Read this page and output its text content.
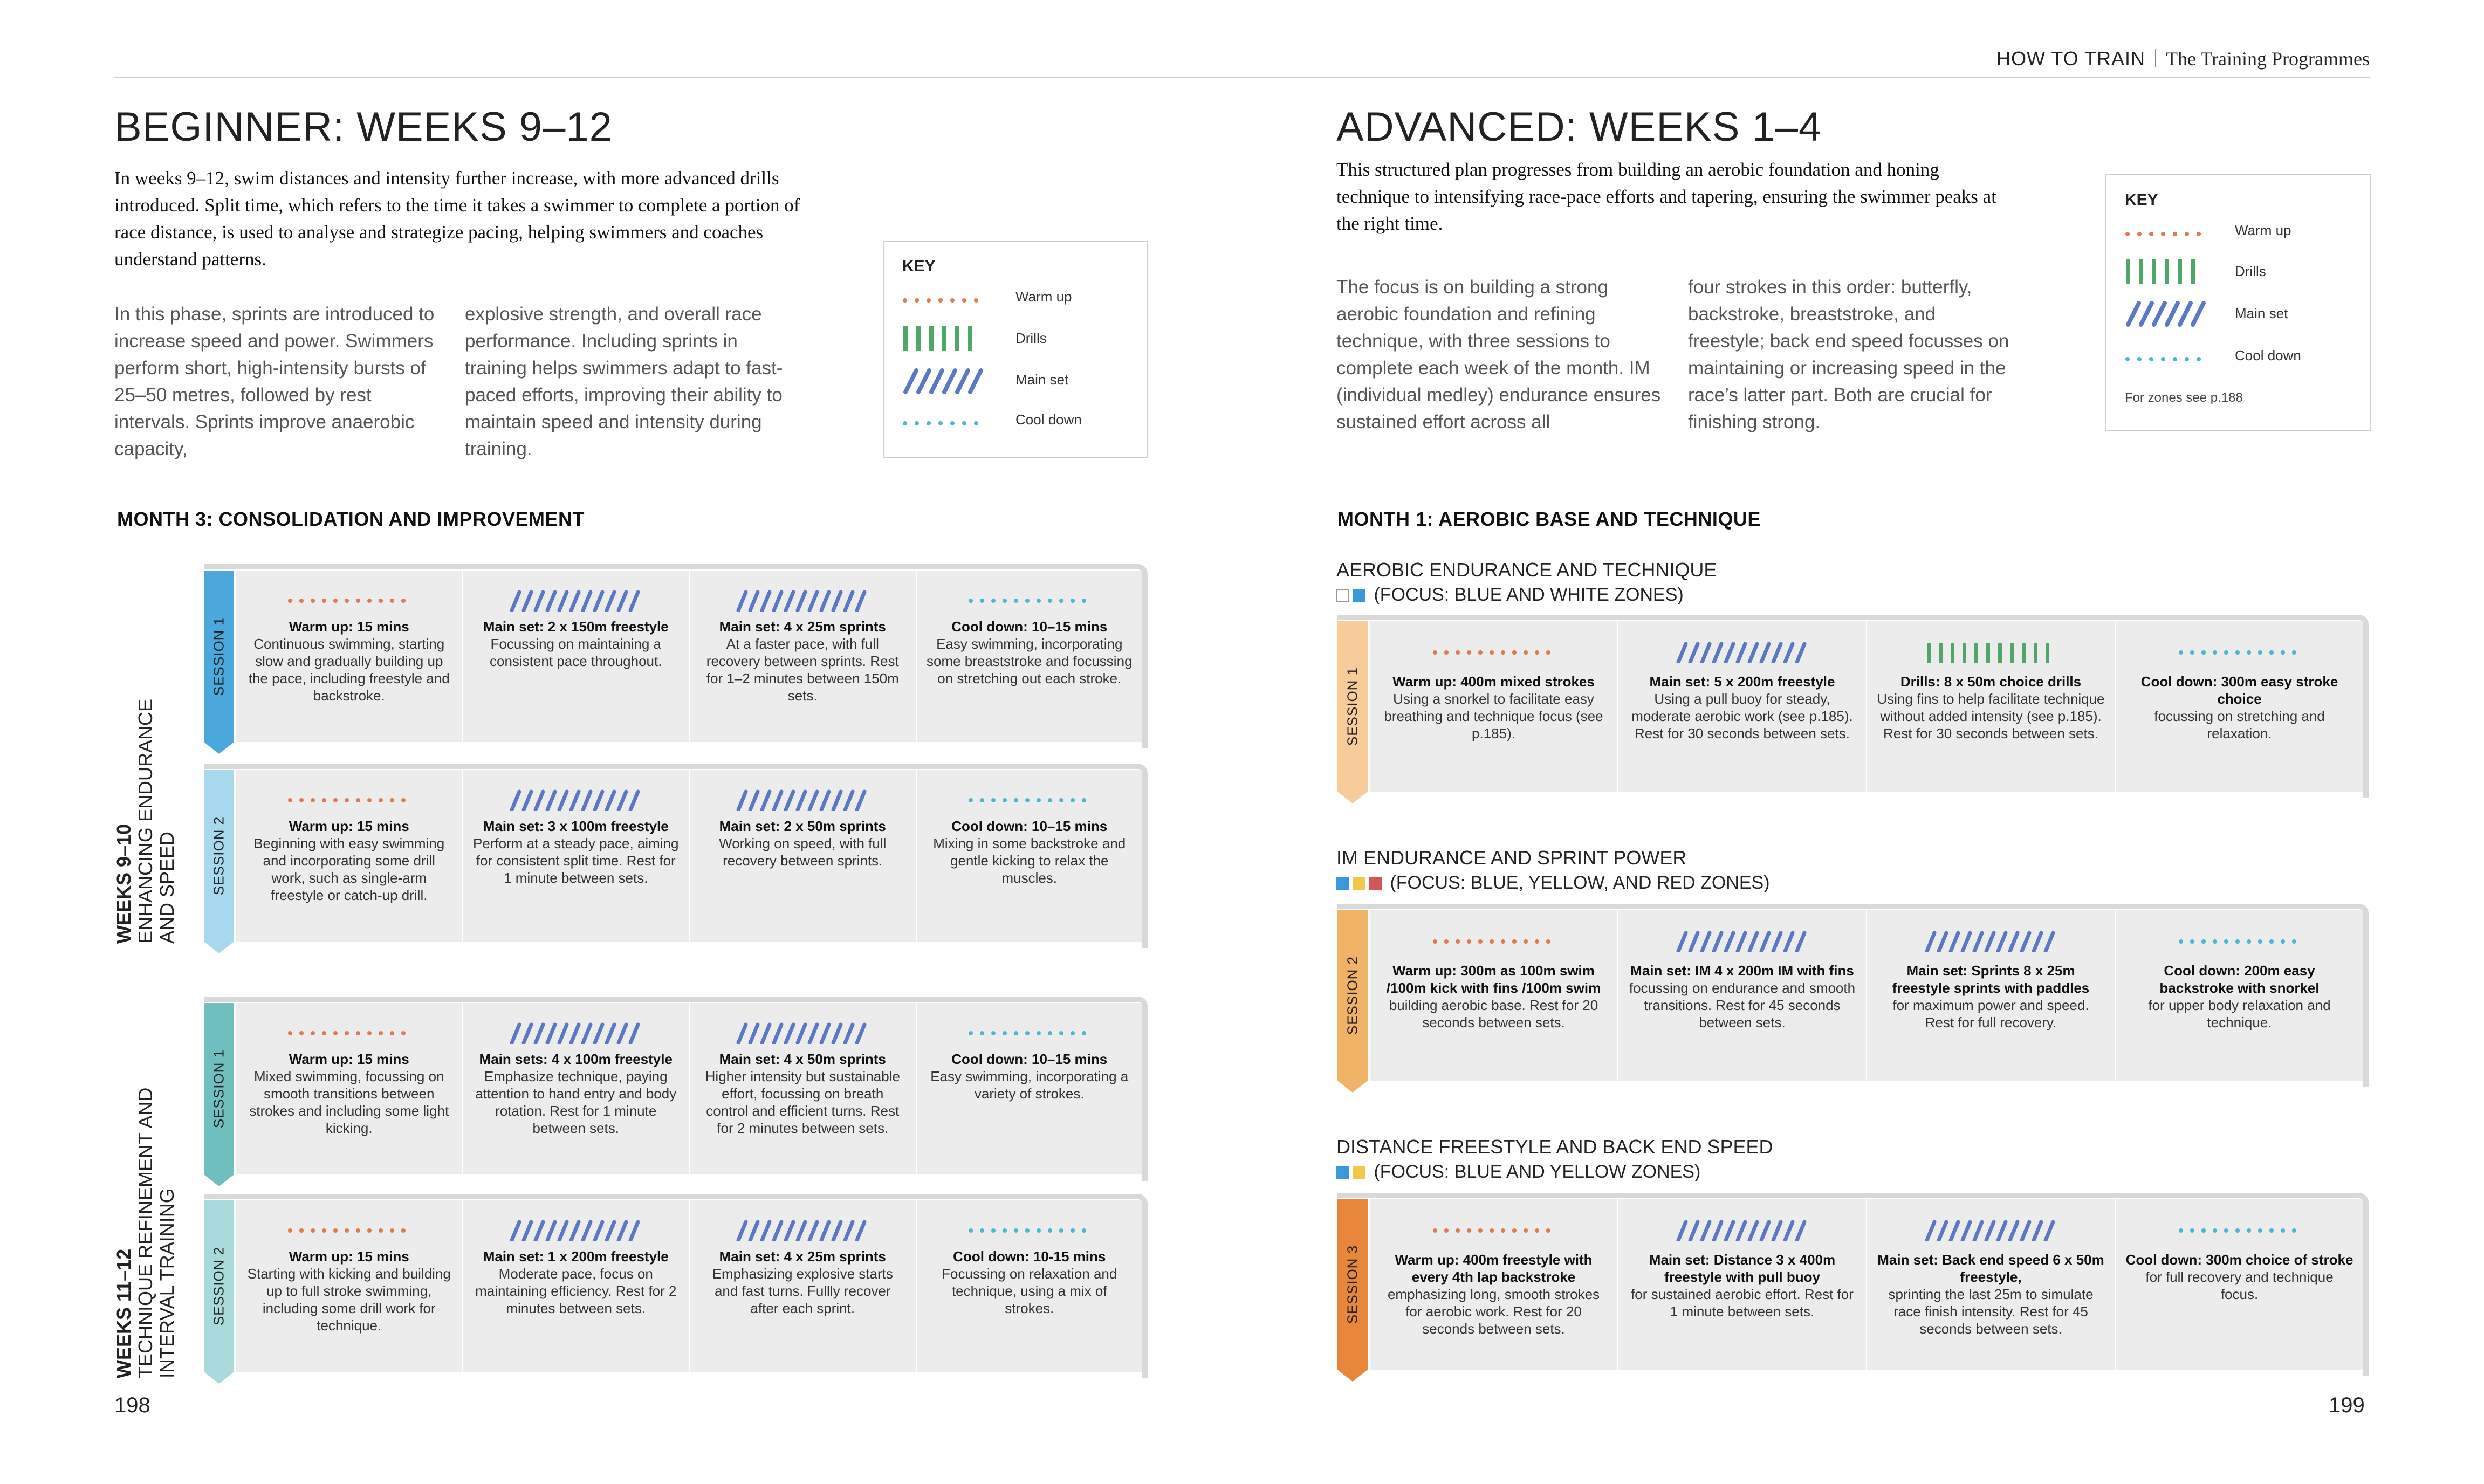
HOW TO TRAIN The Training Programmes
BEGINNER: WEEKS 9–12
In weeks 9–12, swim distances and intensity further increase, with more advanced drills introduced. Split time, which refers to the time it takes a swimmer to complete a portion of race distance, is used to analyse and strategize pacing, helping swimmers and coaches understand patterns.
In this phase, sprints are introduced to increase speed and power. Swimmers perform short, high-intensity bursts of 25–50 metres, followed by rest intervals. Sprints improve anaerobic capacity,
explosive strength, and overall race performance. Including sprints in training helps swimmers adapt to fast-paced efforts, improving their ability to maintain speed and intensity during training.
KEY
Warm up
Drills
Main set
Cool down
MONTH 3: CONSOLIDATION AND IMPROVEMENT
WEEKS 9–10
ENHANCING ENDURANCE
AND SPEED
WEEKS 11–12
TECHNIQUE REFINEMENT AND
INTERVAL TRAINING
SESSION 1	Warm up: 15 mins
Continuous swimming, starting slow and gradually building up the pace, including freestyle and backstroke.
Main set: 2 x 150m freestyle
Focussing on maintaining a consistent pace throughout.
Main set: 4 x 25m sprints
At a faster pace, with full recovery between sprints. Rest for 1–2 minutes between 150m sets.
Cool down: 10–15 mins
Easy swimming, incorporating some breaststroke and focussing on stretching out each stroke.
SESSION 2	Warm up: 15 mins
Beginning with easy swimming and incorporating some drill work, such as single-arm freestyle or catch-up drill.
Main set: 3 x 100m freestyle
Perform at a steady pace, aiming for consistent split time. Rest for 1 minute between sets.
Main set: 2 x 50m sprints
Working on speed, with full recovery between sprints.
Cool down: 10–15 mins
Mixing in some backstroke and gentle kicking to relax the muscles.
SESSION 1	Warm up: 15 mins
Mixed swimming, focussing on smooth transitions between strokes and including some light kicking.
Main sets: 4 x 100m freestyle
Emphasize technique, paying attention to hand entry and body rotation. Rest for 1 minute between sets.
Main set: 4 x 50m sprints
Higher intensity but sustainable effort, focussing on breath control and efficient turns. Rest for 2 minutes between sets.
Cool down: 10–15 mins
Easy swimming, incorporating a variety of strokes.
SESSION 2	Warm up: 15 mins
Starting with kicking and building up to full stroke swimming, including some drill work for technique.
Main set: 1 x 200m freestyle
Moderate pace, focus on maintaining efficiency. Rest for 2 minutes between sets.
Main set: 4 x 25m sprints
Emphasizing explosive starts and fast turns. Fullly recover after each sprint.
Cool down: 10-15 mins
Focussing on relaxation and technique, using a mix of strokes.
198
ADVANCED: WEEKS 1–4
This structured plan progresses from building an aerobic foundation and honing technique to intensifying race-pace efforts and tapering, ensuring the swimmer peaks at the right time.
The focus is on building a strong aerobic foundation and refining technique, with three sessions to complete each week of the month. IM (individual medley) endurance ensures sustained effort across all
four strokes in this order: butterfly, backstroke, breaststroke, and freestyle; back end speed focusses on maintaining or increasing speed in the race’s latter part. Both are crucial for finishing strong.
KEY
Warm up
Drills
Main set
Cool down
For zones see p.188
MONTH 1: AEROBIC BASE AND TECHNIQUE
AEROBIC ENDURANCE AND TECHNIQUE
(FOCUS: BLUE AND WHITE ZONES)
IM ENDURANCE AND SPRINT POWER
(FOCUS: BLUE, YELLOW, AND RED ZONES)
DISTANCE FREESTYLE AND BACK END SPEED
(FOCUS: BLUE AND YELLOW ZONES)
SESSION 1	Warm up: 400m mixed strokes
Using a snorkel to facilitate easy breathing and technique focus (see p.185).
Main set: 5 x 200m freestyle
Using a pull buoy for steady, moderate aerobic work (see p.185). Rest for 30 seconds between sets.
Drills: 8 x 50m choice drills
Using fins to help facilitate technique without added intensity (see p.185). Rest for 30 seconds between sets.
Cool down: 300m easy stroke choice
focussing on stretching and relaxation.
SESSION 2	Warm up: 300m as 100m swim /100m kick with fins /100m swim
building aerobic base. Rest for 20 seconds between sets.
Main set: IM 4 x 200m IM with fins
focussing on endurance and smooth transitions. Rest for 45 seconds between sets.
Main set: Sprints 8 x 25m freestyle sprints with paddles
for maximum power and speed. Rest for full recovery.
Cool down: 200m easy backstroke with snorkel
for upper body relaxation and technique.
SESSION 3	Warm up: 400m freestyle with every 4th lap backstroke
emphasizing long, smooth strokes for aerobic work. Rest for 20 seconds between sets.
Main set: Distance 3 x 400m freestyle with pull buoy
for sustained aerobic effort. Rest for 1 minute between sets.
Main set: Back end speed 6 x 50m freestyle,
sprinting the last 25m to simulate race finish intensity. Rest for 45 seconds between sets.
Cool down: 300m choice of stroke
for full recovery and technique focus.
199
